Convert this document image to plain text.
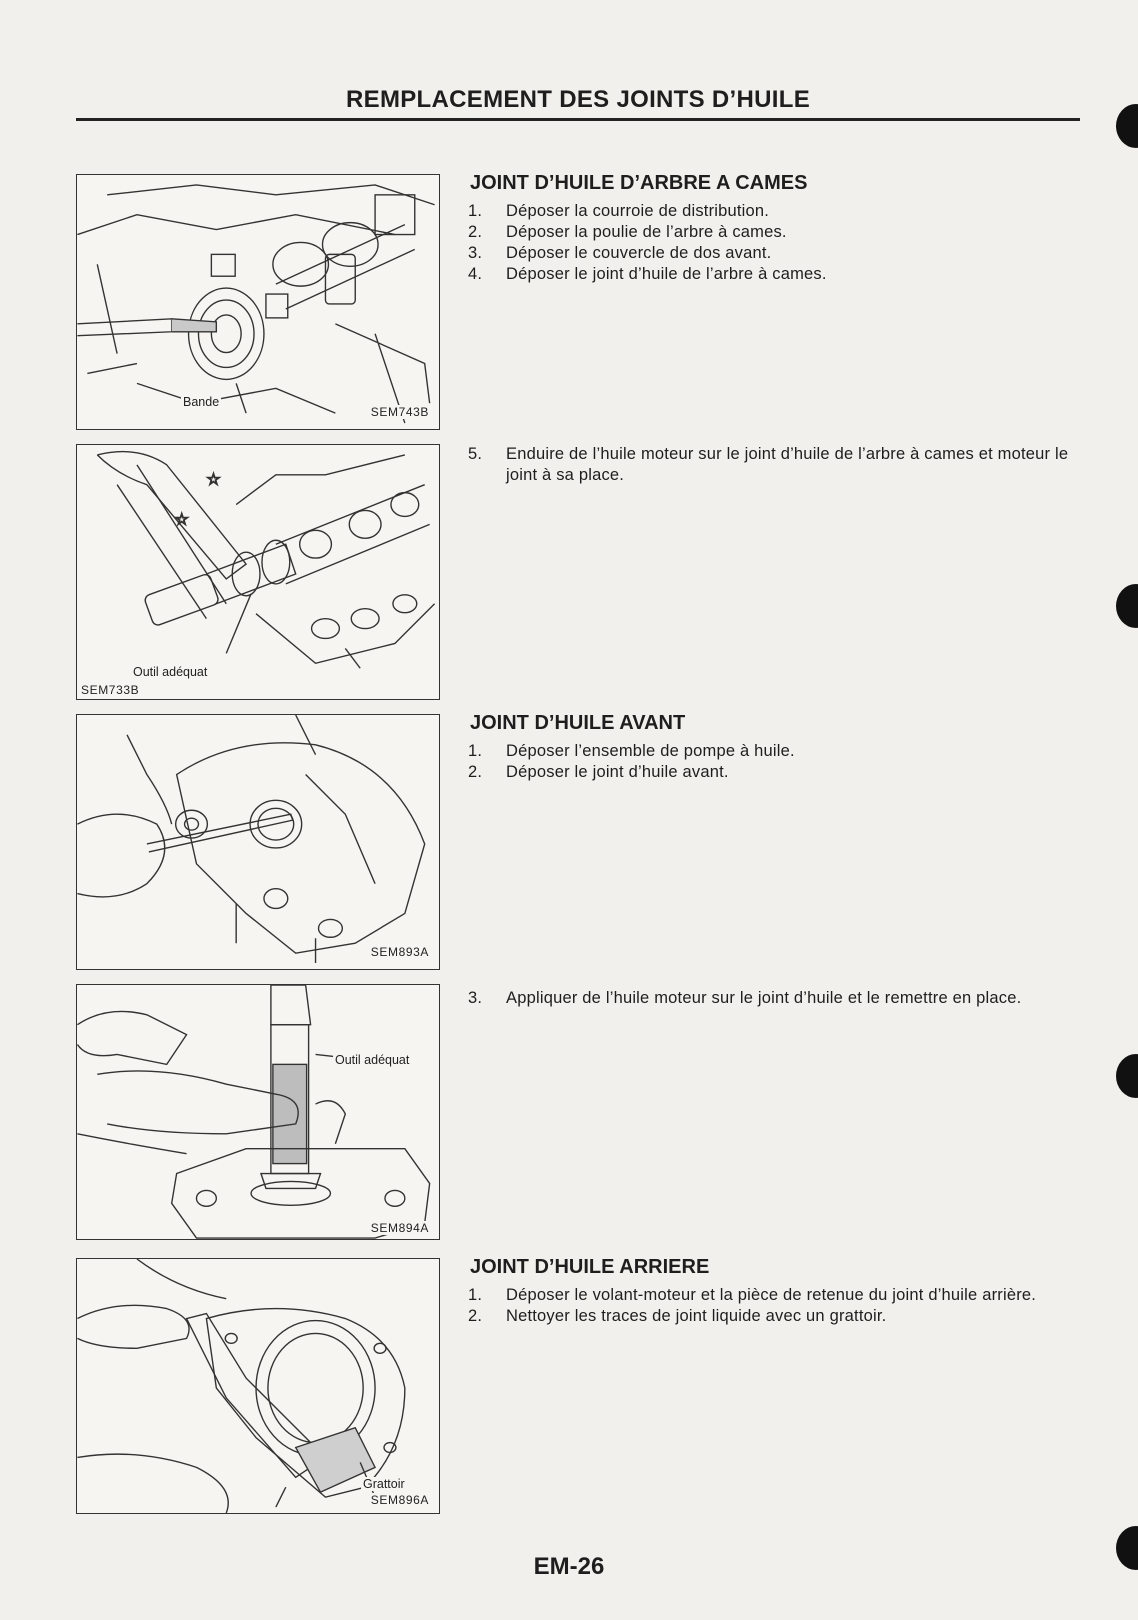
REMPLACEMENT DES JOINTS D’HUILE
Bande
SEM743B
☆
☆
Outil adéquat
SEM733B
SEM893A
Outil adéquat
SEM894A
Grattoir
SEM896A
JOINT D’HUILE D’ARBRE A CAMES
1.	Déposer la courroie de distribution.
2.	Déposer la poulie de l’arbre à cames.
3.	Déposer le couvercle de dos avant.
4.	Déposer le joint d’huile de l’arbre à cames.
5.	Enduire de l’huile moteur sur le joint d’huile de l’arbre à cames et moteur le joint à sa place.
JOINT D’HUILE AVANT
1.	Déposer l’ensemble de pompe à huile.
2.	Déposer le joint d’huile avant.
3.	Appliquer de l’huile moteur sur le joint d’huile et le remettre en place.
JOINT D’HUILE ARRIERE
1.	Déposer le volant-moteur et la pièce de retenue du joint d’huile arrière.
2.	Nettoyer les traces de joint liquide avec un grattoir.
EM-26
